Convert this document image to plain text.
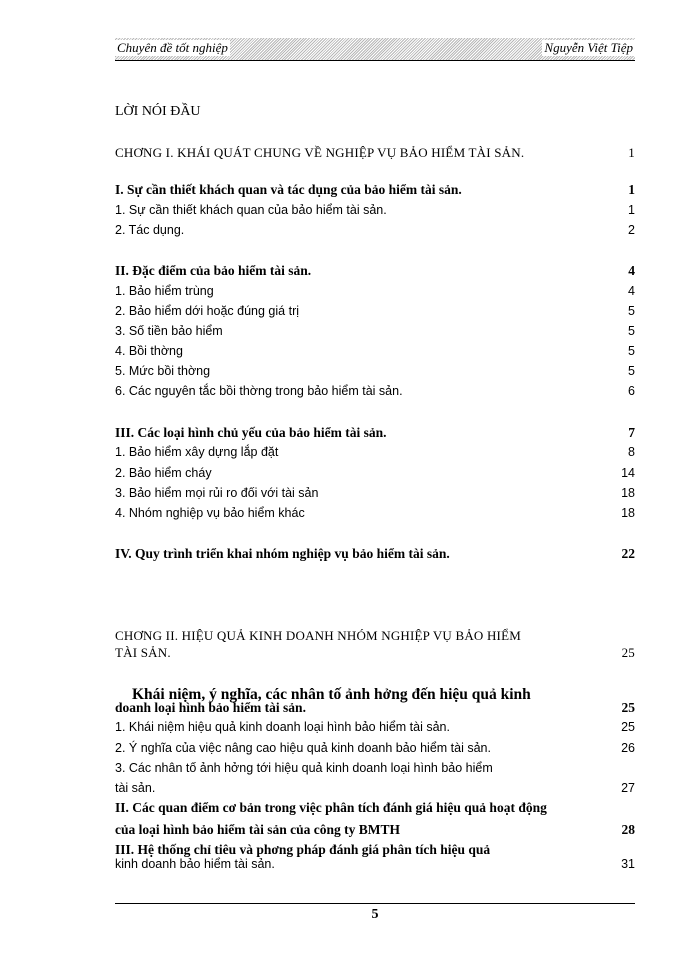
Chuyên đề tốt nghiệp	Nguyễn Việt Tiệp
LỜI NÓI ĐẦU
CHƠNG I. KHÁI QUÁT CHUNG VỀ NGHIỆP VỤ BẢO HIỂM TÀI SẢN.	1
I. Sự cần thiết khách quan và tác dụng của bảo hiểm tài sản.	1
1. Sự cần thiết khách quan của bảo hiểm tài sản.	1
2. Tác dụng.	2
II. Đặc điểm của bảo hiểm tài sản.	4
1. Bảo hiểm trùng	4
2. Bảo hiểm dới hoặc đúng giá trị	5
3. Số tiền bảo hiểm	5
4. Bồi thờng	5
5. Mức bồi thờng	5
6. Các nguyên tắc bồi thờng trong bảo hiểm tài sản.	6
III. Các loại hình chủ yếu của bảo hiểm tài sản.	7
1. Bảo hiểm xây dựng lắp đặt	8
2. Bảo hiểm cháy	14
3. Bảo hiểm mọi rủi ro đối với tài sản	18
4. Nhóm nghiệp vụ bảo hiểm khác	18
IV. Quy trình triển khai nhóm nghiệp vụ bảo hiểm tài sản.	22
CHƠNG II. HIỆU QUẢ KINH DOANH NHÓM NGHIỆP VỤ BẢO HIỂM
TÀI SẢN.	25
Khái niệm, ý nghĩa, các nhân tố ảnh hởng đến hiệu quả kinh
doanh loại hình bảo hiểm tài sản.	25
1. Khái niệm hiệu quả kinh doanh loại hình bảo hiểm tài sản.	25
2. Ý nghĩa của việc nâng cao hiệu quả kinh doanh bảo hiểm tài sản.	26
3. Các nhân tố ảnh hởng tới hiệu quả kinh doanh loại hình bảo hiểm
tài sản.	27
II. Các quan điểm cơ bản trong việc phân tích đánh giá hiệu quả hoạt động
của loại hình bảo hiểm tài sản của công ty BMTH	28
III. Hệ thống chỉ tiêu và phơng pháp đánh giá phân tích hiệu quả
kinh doanh bảo hiểm tài sản.	31
5
